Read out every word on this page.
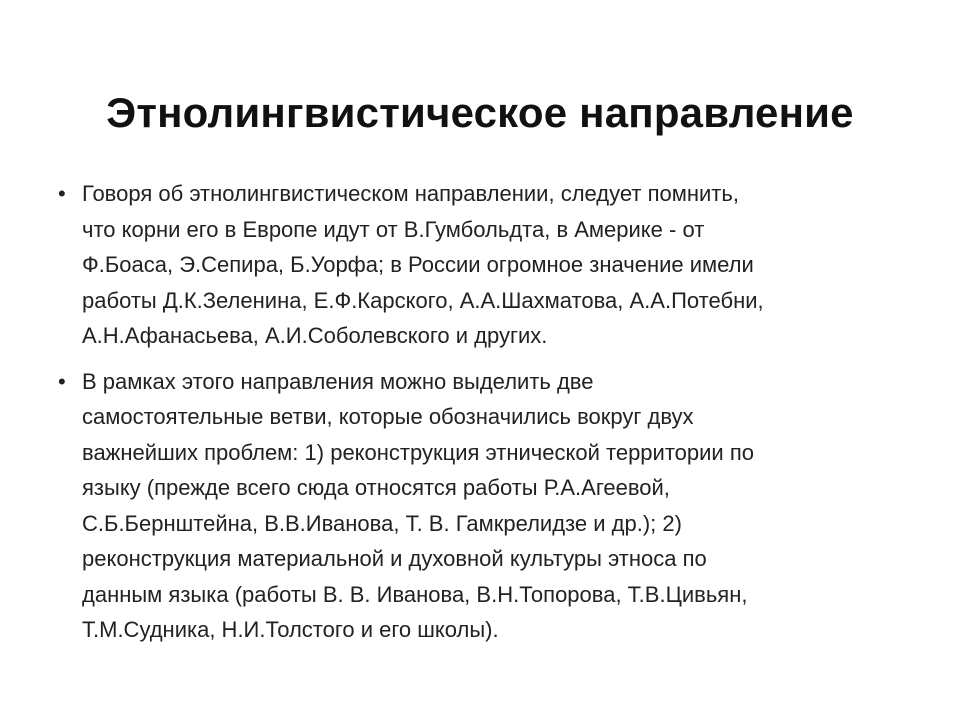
Этнолингвистическое направление
• Говоря об этнолингвистическом направлении, следует помнить,
что корни его в Европе идут от В.Гумбольдта, в Америке - от
Ф.Боаса, Э.Сепира, Б.Уорфа; в России огромное значение имели
работы Д.К.Зеленина, Е.Ф.Карского, А.А.Шахматова, А.А.Потебни,
А.Н.Афанасьева, А.И.Соболевского и других.
• В рамках этого направления можно выделить две
самостоятельные ветви, которые обозначились вокруг двух
важнейших проблем: 1) реконструкция этнической территории по
языку (прежде всего сюда относятся работы Р.А.Агеевой,
С.Б.Бернштейна, В.В.Иванова, Т. В. Гамкрелидзе и др.); 2)
реконструкция материальной и духовной культуры этноса по
данным языка (работы В. В. Иванова, В.Н.Топорова, Т.В.Цивьян,
Т.М.Судника, Н.И.Толстого и его школы).
